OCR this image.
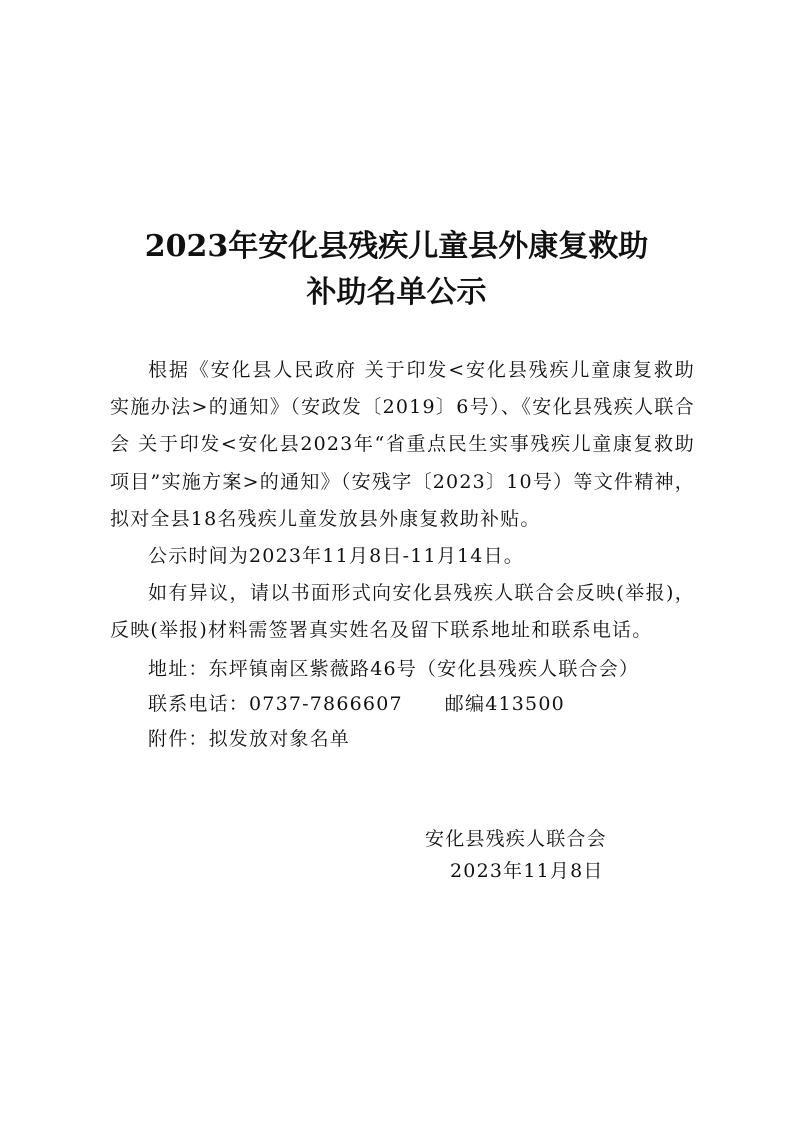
2023年安化县残疾儿童县外康复救助
补助名单公示

根据《安化县人民政府 关于印发<安化县残疾儿童康复救助实施办法>的通知》（安政发〔2019〕6号）、《安化县残疾人联合会 关于印发<安化县2023年“省重点民生实事残疾儿童康复救助项目”实施方案>的通知》（安残字〔2023〕10号）等文件精神，拟对全县18名残疾儿童发放县外康复救助补贴。

公示时间为2023年11月8日-11月14日。

如有异议，请以书面形式向安化县残疾人联合会反映(举报)，反映(举报)材料需签署真实姓名及留下联系地址和联系电话。

地址：东坪镇南区紫薇路46号（安化县残疾人联合会）
联系电话：0737-7866607 邮编413500
附件：拟发放对象名单
安化县残疾人联合会
2023年11月8日
